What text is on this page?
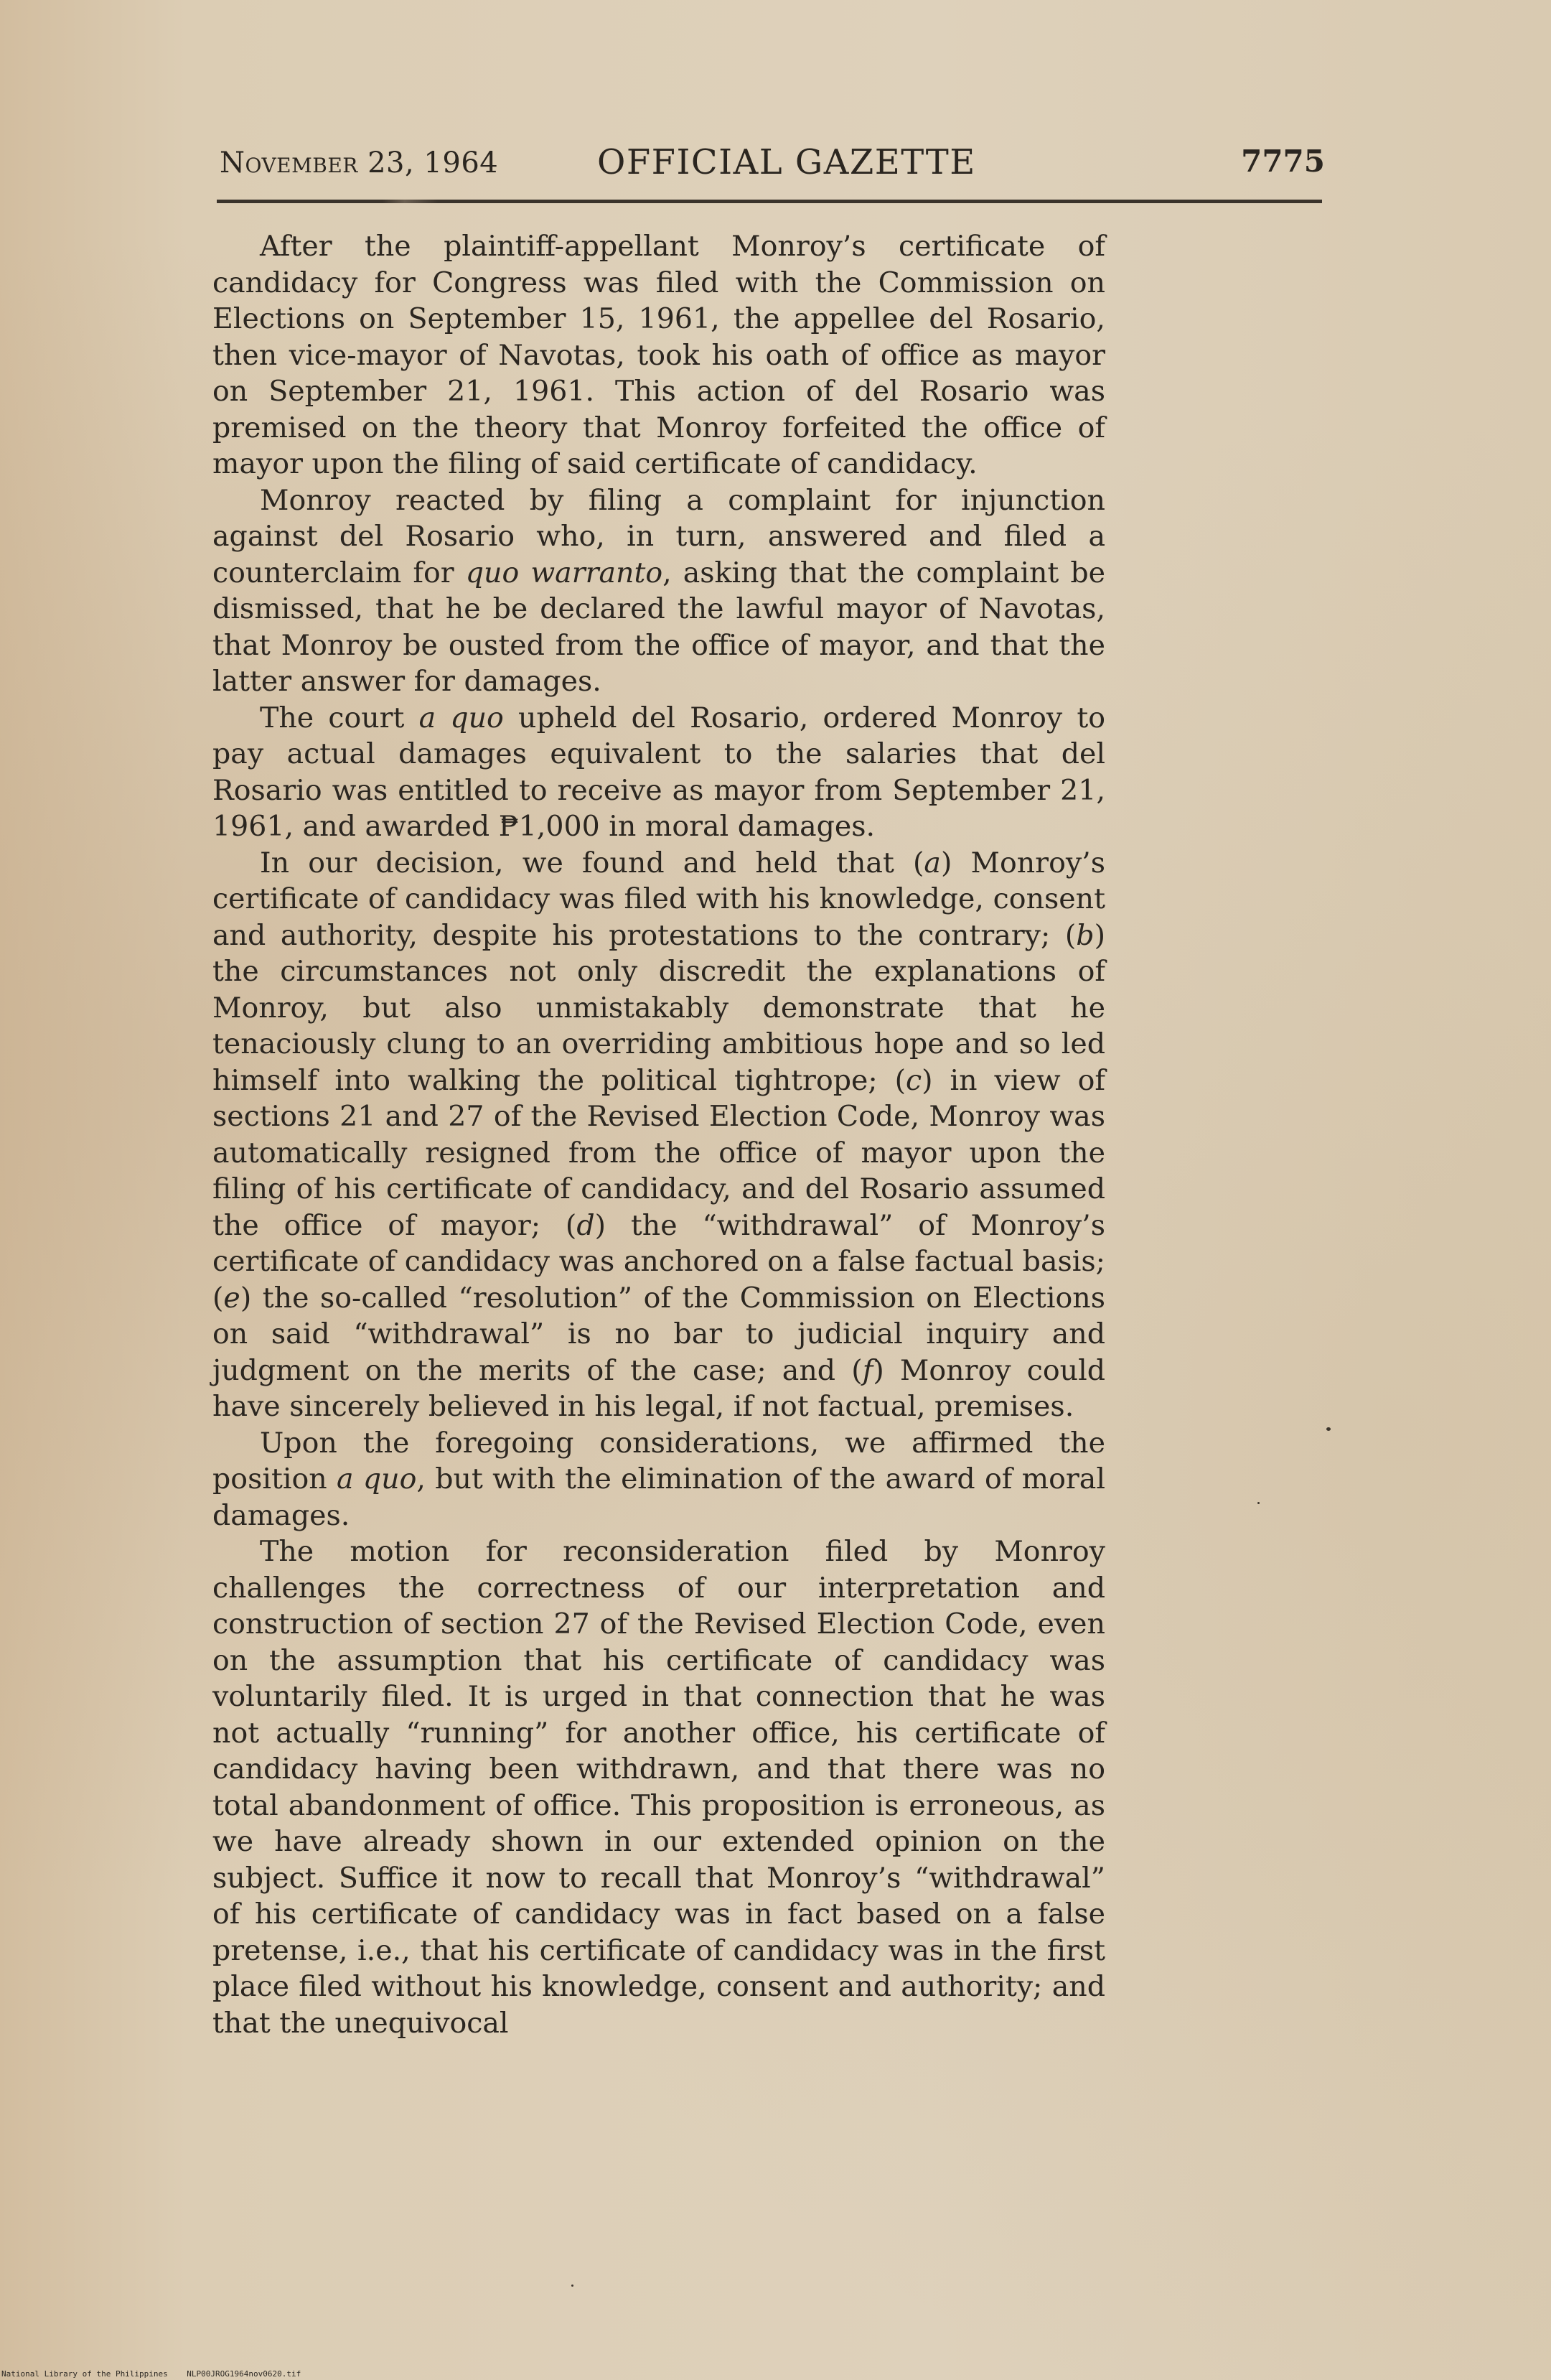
November 23, 1964	OFFICIAL GAZETTE	7775

After the plaintiff-appellant Monroy’s certificate of candidacy for Congress was filed with the Commission on Elections on September 15, 1961, the appellee del Rosario, then vice-mayor of Navotas, took his oath of office as mayor on September 21, 1961. This action of del Rosario was premised on the theory that Monroy forfeited the office of mayor upon the filing of said certificate of candidacy.

Monroy reacted by filing a complaint for injunction against del Rosario who, in turn, answered and filed a counterclaim for quo warranto, asking that the complaint be dismissed, that he be declared the lawful mayor of Navotas, that Monroy be ousted from the office of mayor, and that the latter answer for damages.

The court a quo upheld del Rosario, ordered Monroy to pay actual damages equivalent to the salaries that del Rosario was entitled to receive as mayor from September 21, 1961, and awarded ₱1,000 in moral damages.

In our decision, we found and held that (a) Monroy’s certificate of candidacy was filed with his knowledge, consent and authority, despite his protestations to the contrary; (b) the circumstances not only discredit the explanations of Monroy, but also unmistakably demonstrate that he tenaciously clung to an overriding ambitious hope and so led himself into walking the political tightrope; (c) in view of sections 21 and 27 of the Revised Election Code, Monroy was automatically resigned from the office of mayor upon the filing of his certificate of candidacy, and del Rosario assumed the office of mayor; (d) the “withdrawal” of Monroy’s certificate of candidacy was anchored on a false factual basis; (e) the so-called “resolution” of the Commission on Elections on said “withdrawal” is no bar to judicial inquiry and judgment on the merits of the case; and (f) Monroy could have sincerely believed in his legal, if not factual, premises.

Upon the foregoing considerations, we affirmed the position a quo, but with the elimination of the award of moral damages.

The motion for reconsideration filed by Monroy challenges the correctness of our interpretation and construction of section 27 of the Revised Election Code, even on the assumption that his certificate of candidacy was voluntarily filed. It is urged in that connection that he was not actually “running” for another office, his certificate of candidacy having been withdrawn, and that there was no total abandonment of office. This proposition is erroneous, as we have already shown in our extended opinion on the subject. Suffice it now to recall that Monroy’s “withdrawal” of his certificate of candidacy was in fact based on a false pretense, i.e., that his certificate of candidacy was in the first place filed without his knowledge, consent and authority; and that the unequivocal

National Library of the Philippines NLP00JROG1964nov0620.tif
